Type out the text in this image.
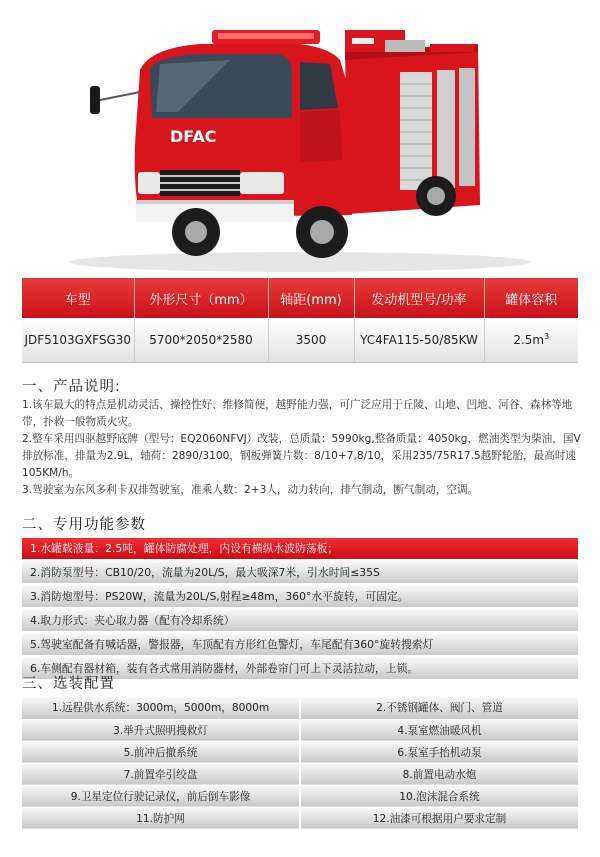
DFAC
车型	外形尺寸（mm）	轴距(mm)	发动机型号/功率	罐体容积
JDF5103GXFSG30	5700*2050*2580	3500	YC4FA115-50/85KW	$2.5m^3$
一、产品说明:

1.该车最大的特点是机动灵活、操控性好、维修简便，越野能力强，可广泛应用于丘陵、山地、凹地、河谷、森林等地带，扑救一般物质火灾。

2.整车采用四驱越野底牌（型号：EQ2060NFVJ）改装，总质量：5990kg,整备质量：4050kg，燃油类型为柴油，国V排放标准，排量为2.9L，轴荷：2890/3100，钢板弹簧片数：8/10+7,8/10，采用235/75R17.5越野轮胎，最高时速105KM/h。

3.驾驶室为东风多利卡双排驾驶室，准乘人数：2+3人，动力转向，排气制动，断气制动，空调。

二、专用功能参数
1.水罐载液量：2.5吨，罐体防腐处理，内设有横纵水波防荡板；
2.消防泵型号：CB10/20，流量为20L/S，最大吸深7米，引水时间≤35S
3.消防炮型号：PS20W，流量为20L/S,射程≥48m，360°水平旋转，可固定。
4.取力形式：夹心取力器（配有冷却系统）
5.驾驶室配备有喊话器，警报器，车顶配有方形红色警灯，车尾配有360°旋转搜索灯
6.车侧配有器材箱，装有各式常用消防器材，外部卷帘门可上下灵活拉动，上锁。
三、选装配置
1.远程供水系统：3000m，5000m，8000m	2.不锈钢罐体、阀门、管道
3.举升式照明搜救灯	4.泵室燃油暖风机
5.前冲后撤系统	6.泵室手抬机动泵
7.前置牵引绞盘	8.前置电动水炮
9.卫星定位行驶记录仪，前后倒车影像	10.泡沫混合系统
11.防护网	12.油漆可根据用户要求定制
